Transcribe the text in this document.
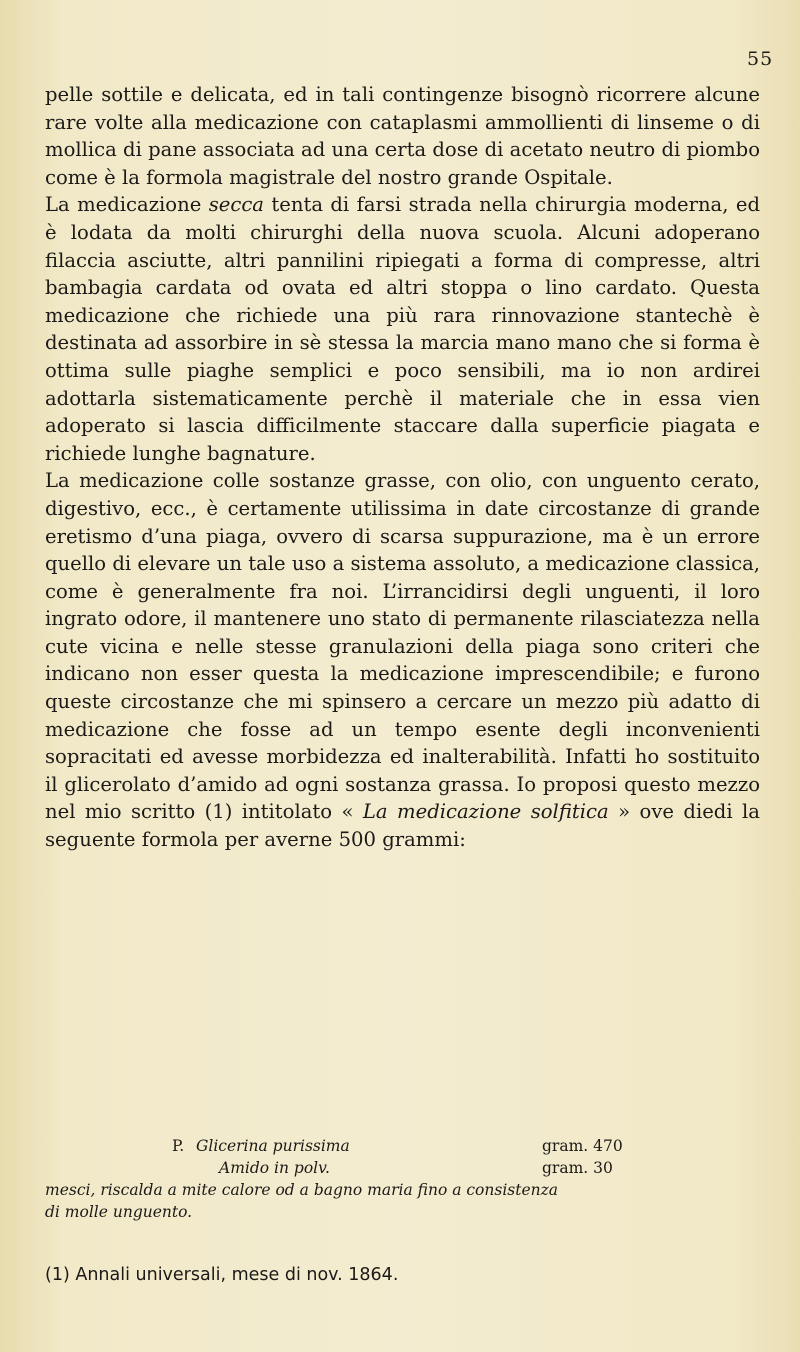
55

pelle sottile e delicata, ed in tali contingenze bisognò ricorrere alcune rare volte alla medicazione con cataplasmi ammollienti di linseme o di mollica di pane associata ad una certa dose di acetato neutro di piombo come è la formola magistrale del nostro grande Ospitale.

La medicazione secca tenta di farsi strada nella chirurgia moderna, ed è lodata da molti chirurghi della nuova scuola. Alcuni adoperano filaccia asciutte, altri pannilini ripiegati a forma di compresse, altri bambagia cardata od ovata ed altri stoppa o lino cardato. Questa medicazione che richiede una più rara rinnovazione stantechè è destinata ad assorbire in sè stessa la marcia mano mano che si forma è ottima sulle piaghe semplici e poco sensibili, ma io non ardirei adottarla sistematicamente perchè il materiale che in essa vien adoperato si lascia difficilmente staccare dalla superficie piagata e richiede lunghe bagnature.

La medicazione colle sostanze grasse, con olio, con unguento cerato, digestivo, ecc., è certamente utilissima in date circostanze di grande eretismo d’una piaga, ovvero di scarsa suppurazione, ma è un errore quello di elevare un tale uso a sistema assoluto, a medicazione classica, come è generalmente fra noi. L’irrancidirsi degli unguenti, il loro ingrato odore, il mantenere uno stato di permanente rilasciatezza nella cute vicina e nelle stesse granulazioni della piaga sono criteri che indicano non esser questa la medicazione imprescendibile; e furono queste circostanze che mi spinsero a cercare un mezzo più adatto di medicazione che fosse ad un tempo esente degli inconvenienti sopracitati ed avesse morbidezza ed inalterabilità. Infatti ho sostituito il glicerolato d’amido ad ogni sostanza grassa. Io proposi questo mezzo nel mio scritto (1) intitolato « La medicazione solfitica » ove diedi la seguente formola per averne 500 grammi:

P. Glicerina purissima	gram. 470
Amido in polv.	gram. 30
mesci, riscalda a mite calore od a bagno maria fino a consistenza
di molle unguento.
(1) Annali universali, mese di nov. 1864.
